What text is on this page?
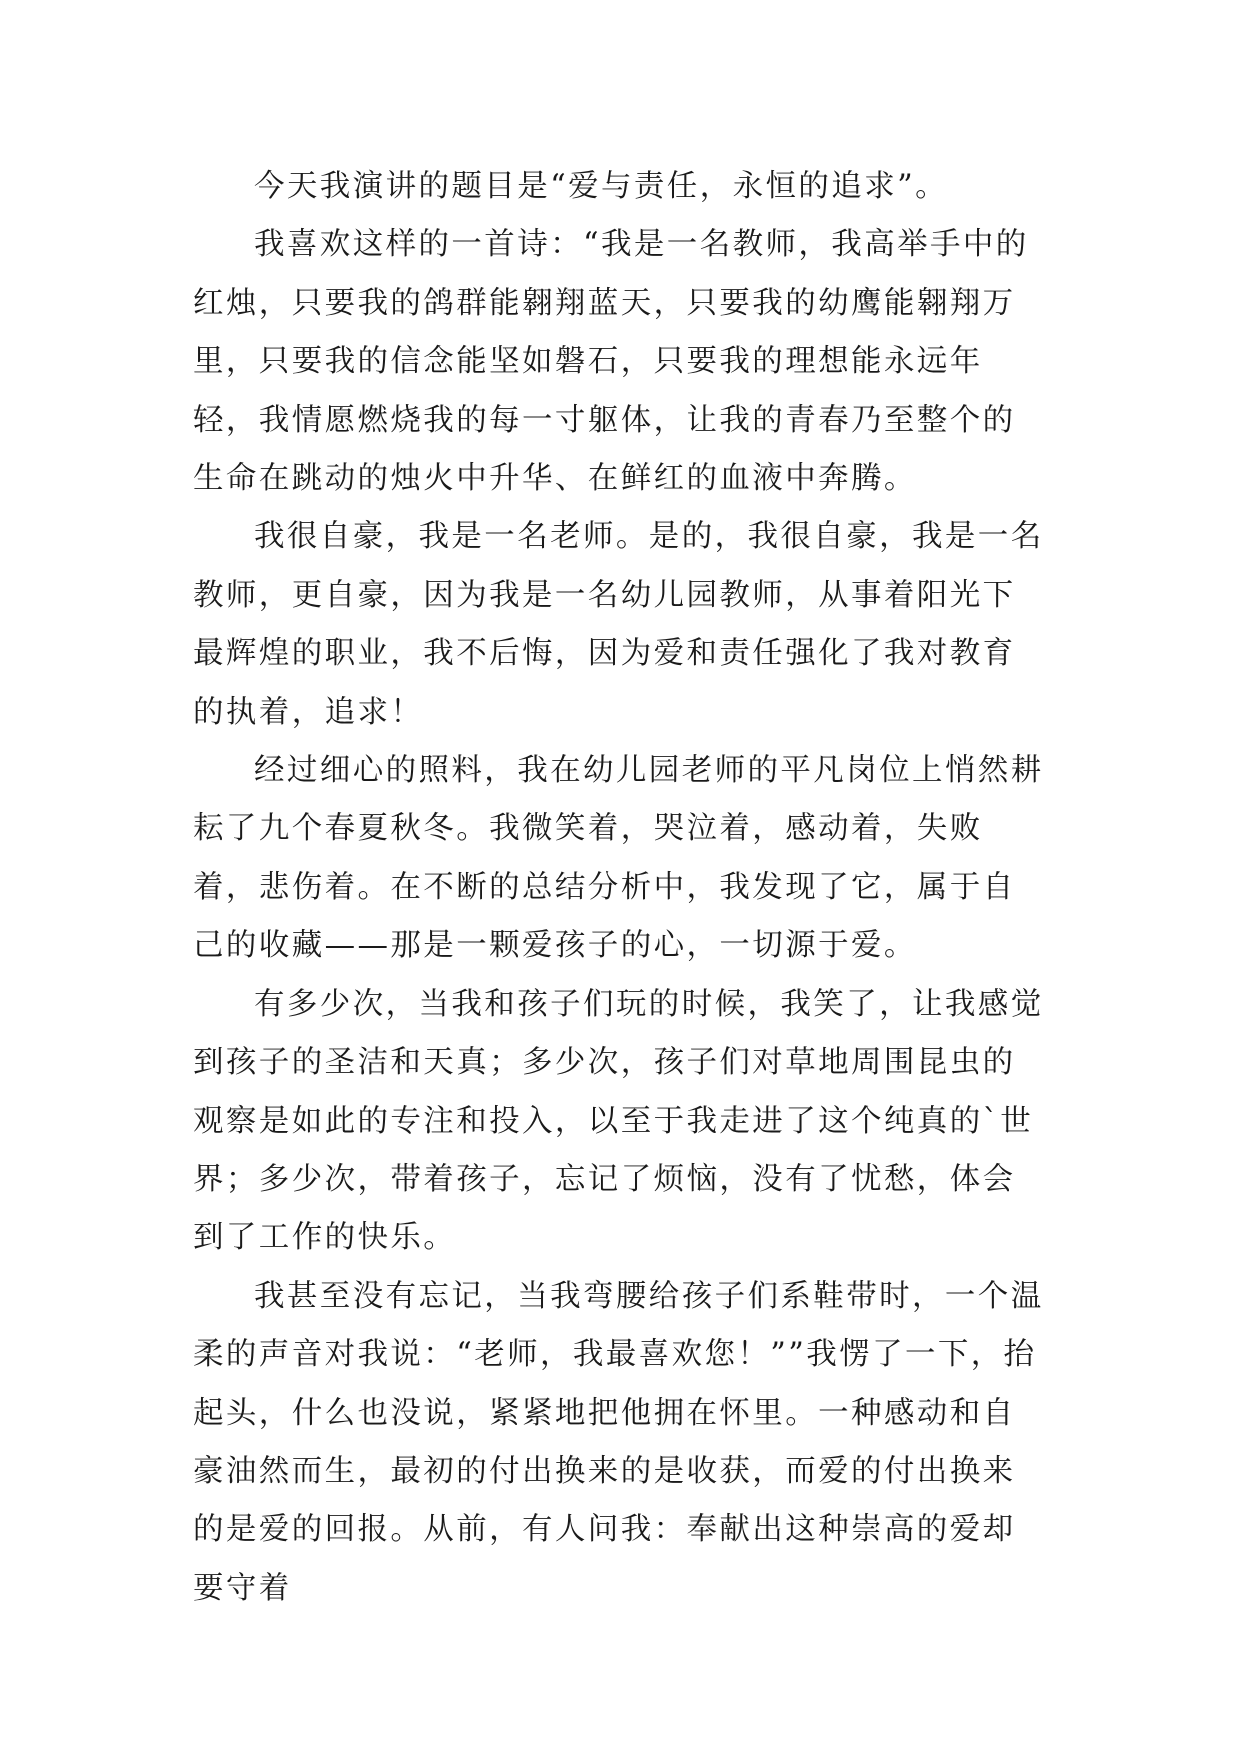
今天我演讲的题目是“爱与责任，永恒的追求”。

我喜欢这样的一首诗：“我是一名教师，我高举手中的红烛，只要我的鸽群能翱翔蓝天，只要我的幼鹰能翱翔万里，只要我的信念能坚如磐石，只要我的理想能永远年轻，我情愿燃烧我的每一寸躯体，让我的青春乃至整个的生命在跳动的烛火中升华、在鲜红的血液中奔腾。

我很自豪，我是一名老师。是的，我很自豪，我是一名教师，更自豪，因为我是一名幼儿园教师，从事着阳光下最辉煌的职业，我不后悔，因为爱和责任强化了我对教育的执着，追求！

经过细心的照料，我在幼儿园老师的平凡岗位上悄然耕耘了九个春夏秋冬。我微笑着，哭泣着，感动着，失败着，悲伤着。在不断的总结分析中，我发现了它，属于自己的收藏——那是一颗爱孩子的心，一切源于爱。

有多少次，当我和孩子们玩的时候，我笑了，让我感觉到孩子的圣洁和天真；多少次，孩子们对草地周围昆虫的观察是如此的专注和投入，以至于我走进了这个纯真的`世界；多少次，带着孩子，忘记了烦恼，没有了忧愁，体会到了工作的快乐。

我甚至没有忘记，当我弯腰给孩子们系鞋带时，一个温柔的声音对我说：“老师，我最喜欢您！””我愣了一下，抬起头，什么也没说，紧紧地把他拥在怀里。一种感动和自豪油然而生，最初的付出换来的是收获，而爱的付出换来的是爱的回报。从前，有人问我：奉献出这种崇高的爱却要守着
